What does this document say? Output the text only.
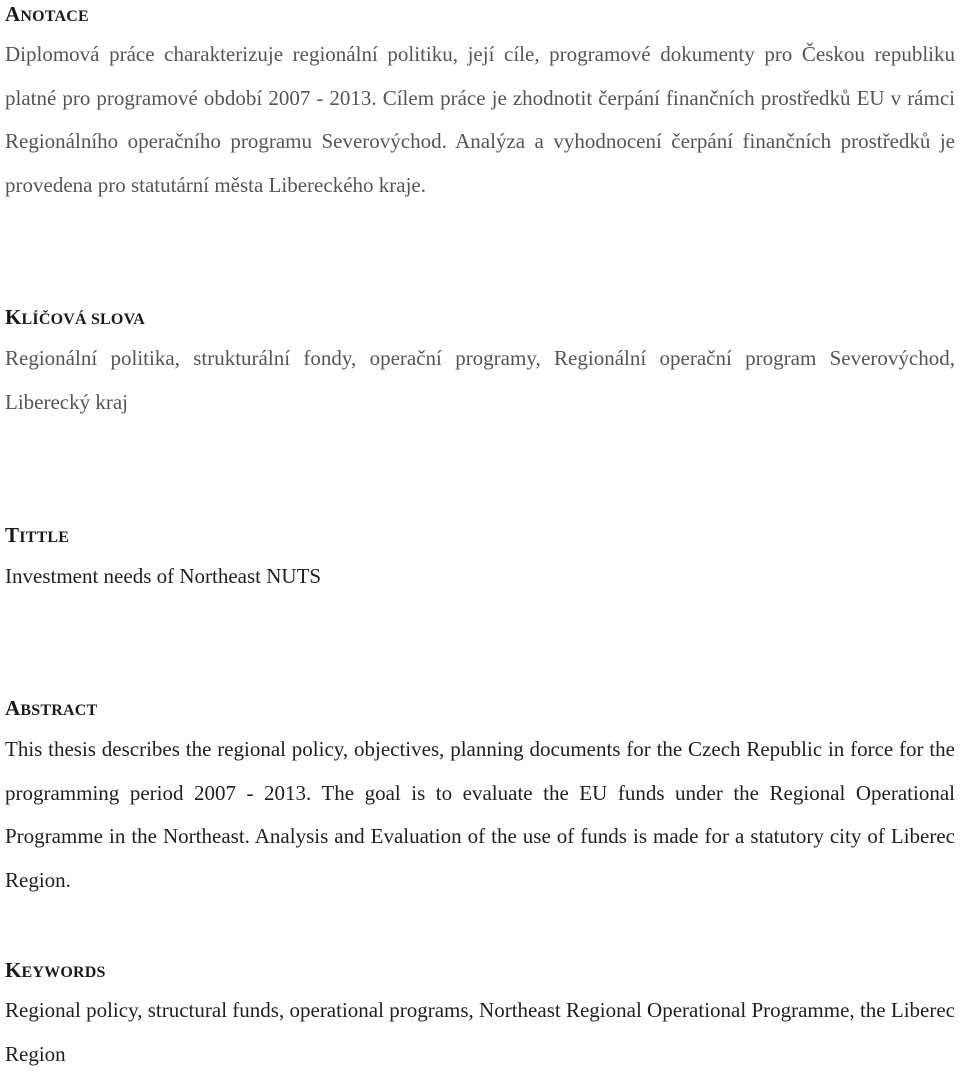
ANOTACE

Diplomová práce charakterizuje regionální politiku, její cíle, programové dokumenty pro Českou republiku platné pro programové období 2007 - 2013. Cílem práce je zhodnotit čerpání finančních prostředků EU v rámci Regionálního operačního programu Severovýchod. Analýza a vyhodnocení čerpání finančních prostředků je provedena pro statutární města Libereckého kraje.

KLÍČOVÁ SLOVA

Regionální politika, strukturální fondy, operační programy, Regionální operační program Severovýchod, Liberecký kraj

TITTLE

Investment needs of Northeast NUTS

ABSTRACT

This thesis describes the regional policy, objectives, planning documents for the Czech Republic in force for the programming period 2007 - 2013. The goal is to evaluate the EU funds under the Regional Operational Programme in the Northeast. Analysis and Evaluation of the use of funds is made for a statutory city of Liberec Region.

KEYWORDS

Regional policy, structural funds, operational programs, Northeast Regional Operational Programme, the Liberec Region
